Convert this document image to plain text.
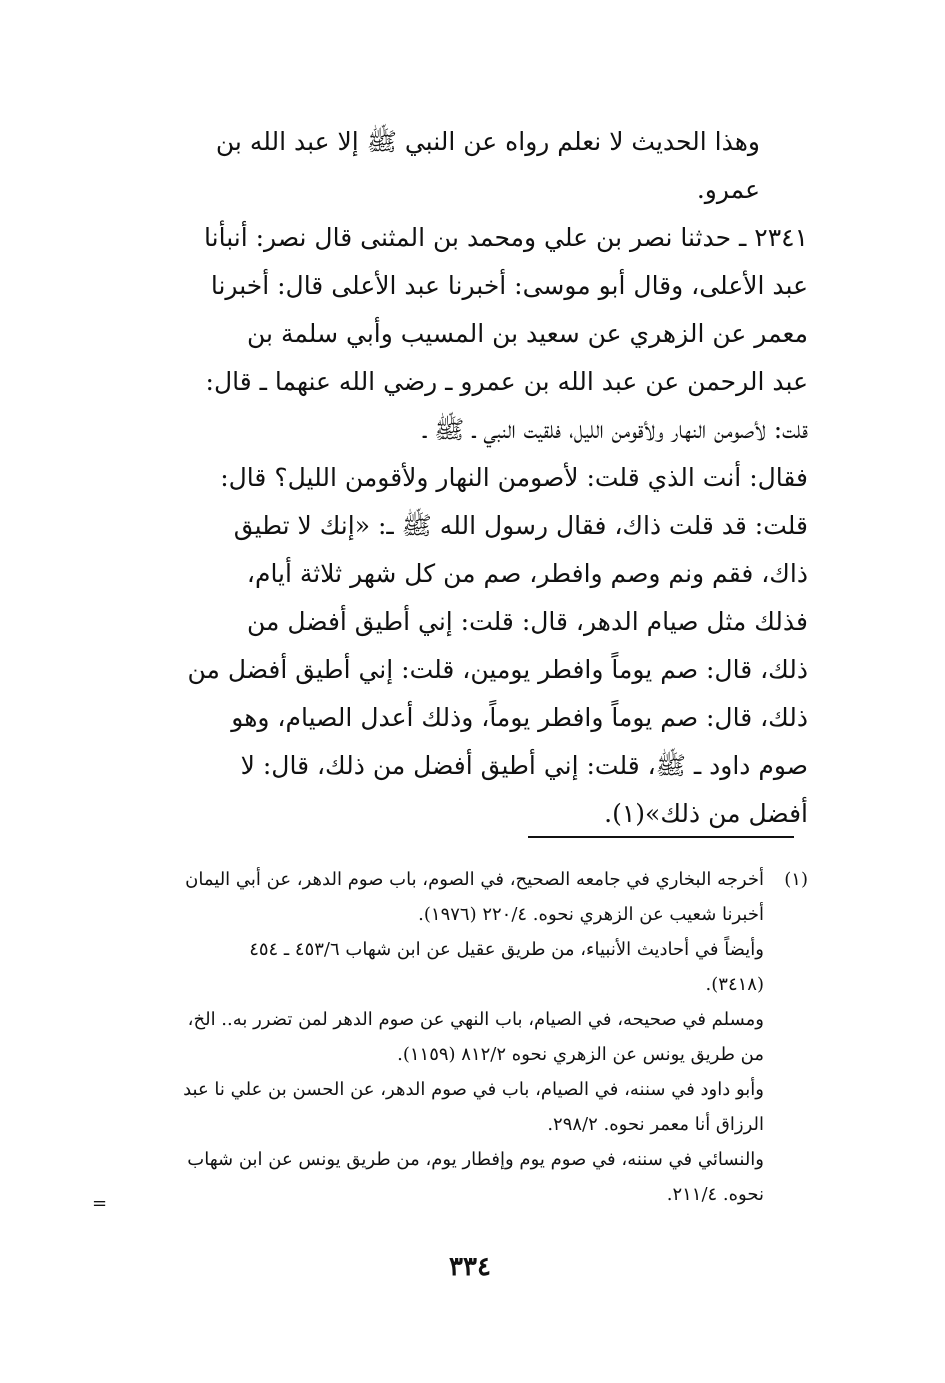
وهذا الحديث لا نعلم رواه عن النبي ﷺ إلا عبد الله بن
عمرو.
٢٣٤١ ـ حدثنا نصر بن علي ومحمد بن المثنى قال نصر: أنبأنا
عبد الأعلى، وقال أبو موسى: أخبرنا عبد الأعلى قال: أخبرنا
معمر عن الزهري عن سعيد بن المسيب وأبي سلمة بن
عبد الرحمن عن عبد الله بن عمرو ـ رضي الله عنهما ـ قال:
قلت: لأصومن النهار ولأقومن الليل، فلقيت النبي ـ ﷺ ـ
فقال: أنت الذي قلت: لأصومن النهار ولأقومن الليل؟ قال:
قلت: قد قلت ذاك، فقال رسول الله ﷺ ـ: «إنك لا تطيق
ذاك، فقم ونم وصم وافطر، صم من كل شهر ثلاثة أيام،
فذلك مثل صيام الدهر، قال: قلت: إني أطيق أفضل من
ذلك، قال: صم يوماً وافطر يومين، قلت: إني أطيق أفضل من
ذلك، قال: صم يوماً وافطر يوماً، وذلك أعدل الصيام، وهو
صوم داود ـ ﷺ، قلت: إني أطيق أفضل من ذلك، قال: لا
أفضل من ذلك»(١).
(١)أخرجه البخاري في جامعه الصحيح، في الصوم، باب صوم الدهر، عن أبي اليمان
أخبرنا شعيب عن الزهري نحوه. ٢٢٠/٤ (١٩٧٦).
وأيضاً في أحاديث الأنبياء، من طريق عقيل عن ابن شهاب ٤٥٣/٦ ـ ٤٥٤
(٣٤١٨).
ومسلم في صحيحه، في الصيام، باب النهي عن صوم الدهر لمن تضرر به.. الخ،
من طريق يونس عن الزهري نحوه ٨١٢/٢ (١١٥٩).
وأبو داود في سننه، في الصيام، باب في صوم الدهر، عن الحسن بن علي نا عبد
الرزاق أنا معمر نحوه. ٢٩٨/٢.
والنسائي في سننه، في صوم يوم وإفطار يوم، من طريق يونس عن ابن شهاب
نحوه. ٢١١/٤.
=
٣٣٤
